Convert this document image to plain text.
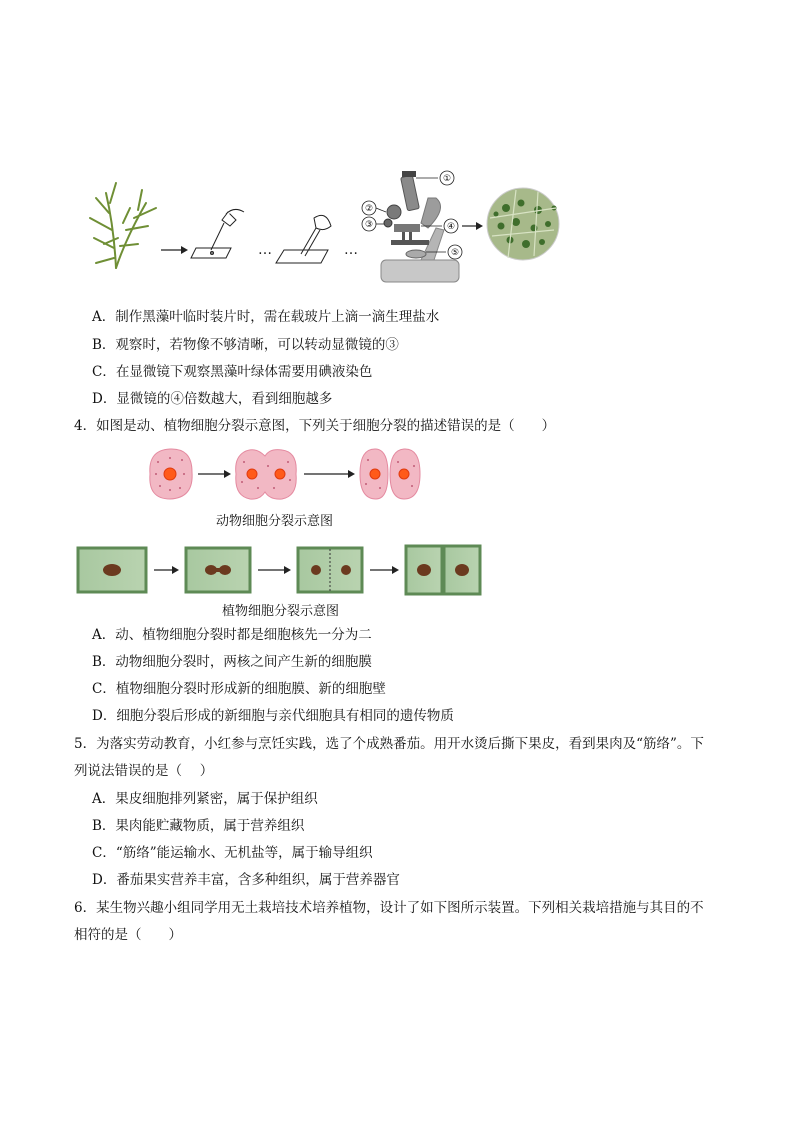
…	…
①
②
③	④
⑤
A．制作黑藻叶临时装片时，需在载玻片上滴一滴生理盐水
B．观察时，若物像不够清晰，可以转动显微镜的③
C．在显微镜下观察黑藻叶绿体需要用碘液染色
D．显微镜的④倍数越大，看到细胞越多
4．如图是动、植物细胞分裂示意图，下列关于细胞分裂的描述错误的是（　　）
动物细胞分裂示意图
植物细胞分裂示意图
A．动、植物细胞分裂时都是细胞核先一分为二
B．动物细胞分裂时，两核之间产生新的细胞膜
C．植物细胞分裂时形成新的细胞膜、新的细胞壁
D．细胞分裂后形成的新细胞与亲代细胞具有相同的遗传物质
5．为落实劳动教育，小红参与烹饪实践，选了个成熟番茄。用开水烫后撕下果皮，看到果肉及“筋络”。下
列说法错误的是（　 ）
A．果皮细胞排列紧密，属于保护组织
B．果肉能贮藏物质，属于营养组织
C．“筋络”能运输水、无机盐等，属于输导组织
D．番茄果实营养丰富，含多种组织，属于营养器官
6．某生物兴趣小组同学用无土栽培技术培养植物，设计了如下图所示装置。下列相关栽培措施与其目的不
相符的是（　　）
